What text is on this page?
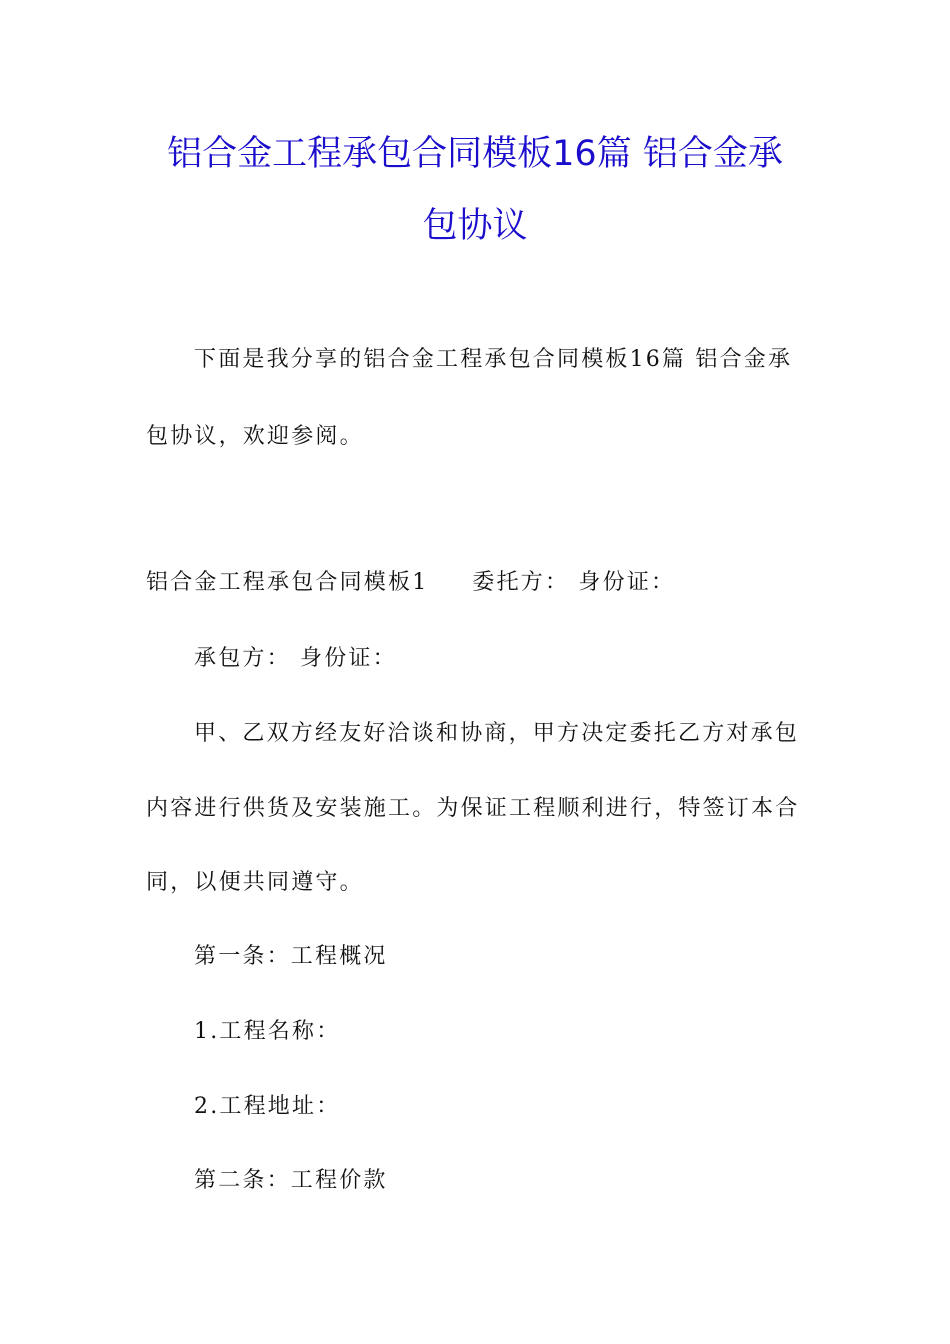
铝合金工程承包合同模板16篇 铝合金承
包协议
下面是我分享的铝合金工程承包合同模板16篇 铝合金承
包协议，欢迎参阅。
铝合金工程承包合同模板1 委托方： 身份证：
承包方： 身份证：
甲、乙双方经友好洽谈和协商，甲方决定委托乙方对承包
内容进行供货及安装施工。为保证工程顺利进行，特签订本合
同，以便共同遵守。
第一条：工程概况
1.工程名称：
2.工程地址：
第二条：工程价款
